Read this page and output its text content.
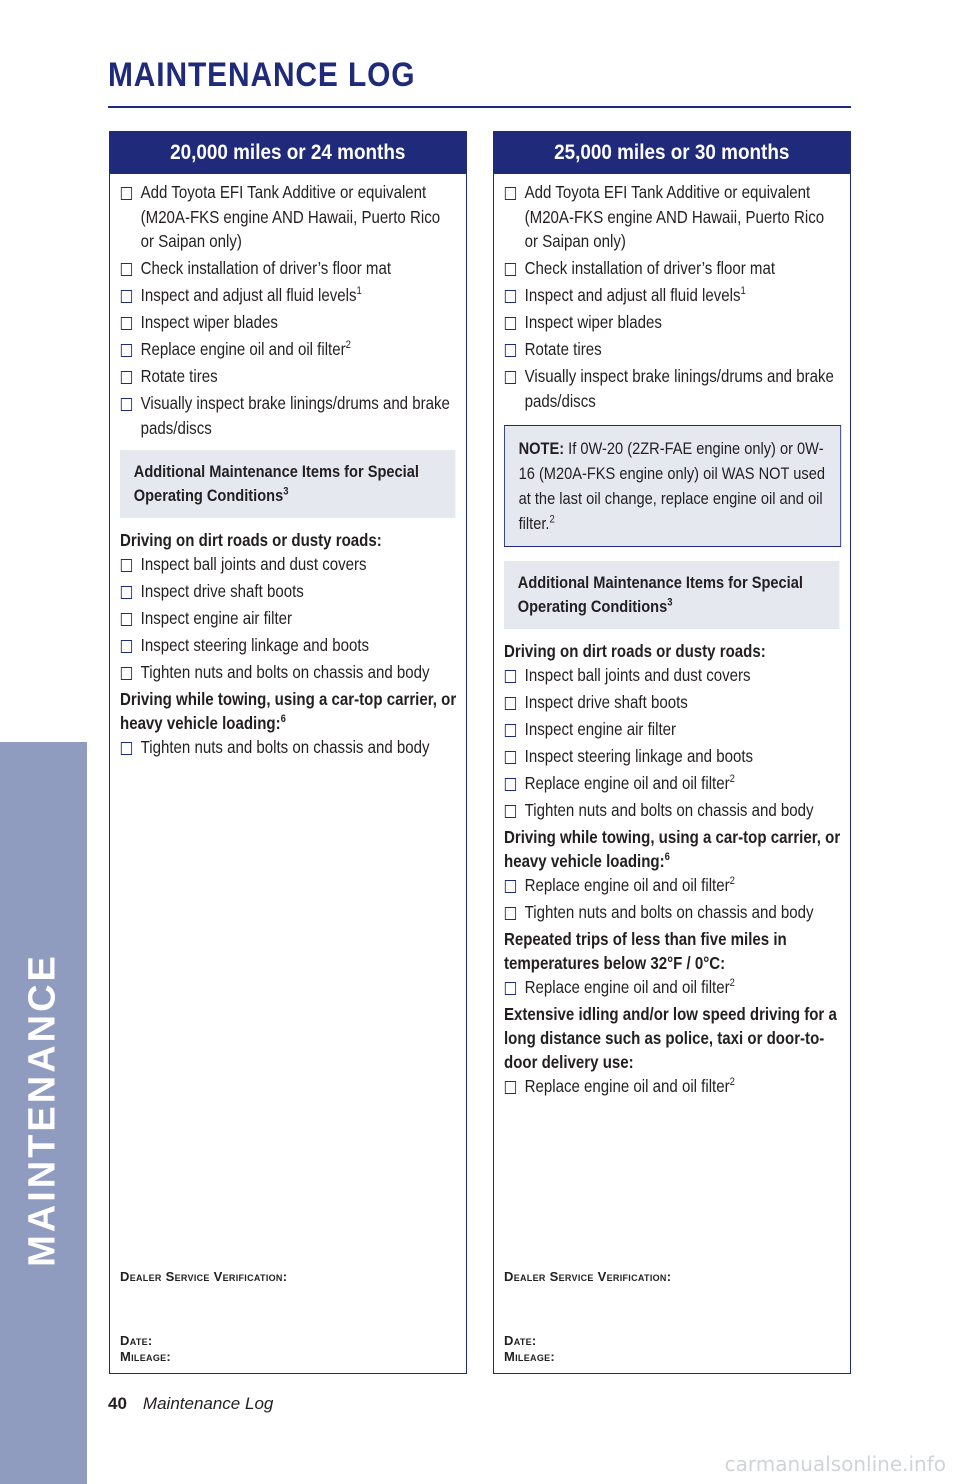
MAINTENANCE
MAINTENANCE LOG
20,000 miles or 24 months
Add Toyota EFI Tank Additive or equivalent (M20A-FKS engine AND Hawaii, Puerto Rico or Saipan only)
Check installation of driver’s floor mat
Inspect and adjust all fluid levels$^1$
Inspect wiper blades
Replace engine oil and oil filter$^2$
Rotate tires
Visually inspect brake linings/drums and brake pads/discs
Additional Maintenance Items for Special Operating Conditions$^3$
Driving on dirt roads or dusty roads:
Inspect ball joints and dust covers
Inspect drive shaft boots
Inspect engine air filter
Inspect steering linkage and boots
Tighten nuts and bolts on chassis and body
Driving while towing, using a car-top carrier, or heavy vehicle loading:$^6$
Tighten nuts and bolts on chassis and body
Dealer Service Verification:
Date:
Mileage:
25,000 miles or 30 months
Add Toyota EFI Tank Additive or equivalent (M20A-FKS engine AND Hawaii, Puerto Rico or Saipan only)
Check installation of driver’s floor mat
Inspect and adjust all fluid levels$^1$
Inspect wiper blades
Rotate tires
Visually inspect brake linings/drums and brake pads/discs
NOTE: If 0W-20 (2ZR-FAE engine only) or 0W-16 (M20A-FKS engine only) oil WAS NOT used at the last oil change, replace engine oil and oil filter.$^2$
Additional Maintenance Items for Special Operating Conditions$^3$
Driving on dirt roads or dusty roads:
Inspect ball joints and dust covers
Inspect drive shaft boots
Inspect engine air filter
Inspect steering linkage and boots
Replace engine oil and oil filter$^2$
Tighten nuts and bolts on chassis and body
Driving while towing, using a car-top carrier, or heavy vehicle loading:$^6$
Replace engine oil and oil filter$^2$
Tighten nuts and bolts on chassis and body
Repeated trips of less than five miles in temperatures below 32°F / 0°C:
Replace engine oil and oil filter$^2$
Extensive idling and/or low speed driving for a long distance such as police, taxi or door-to-door delivery use:
Replace engine oil and oil filter$^2$
Dealer Service Verification:
Date:
Mileage:
40 Maintenance Log
carmanualsonline.info
